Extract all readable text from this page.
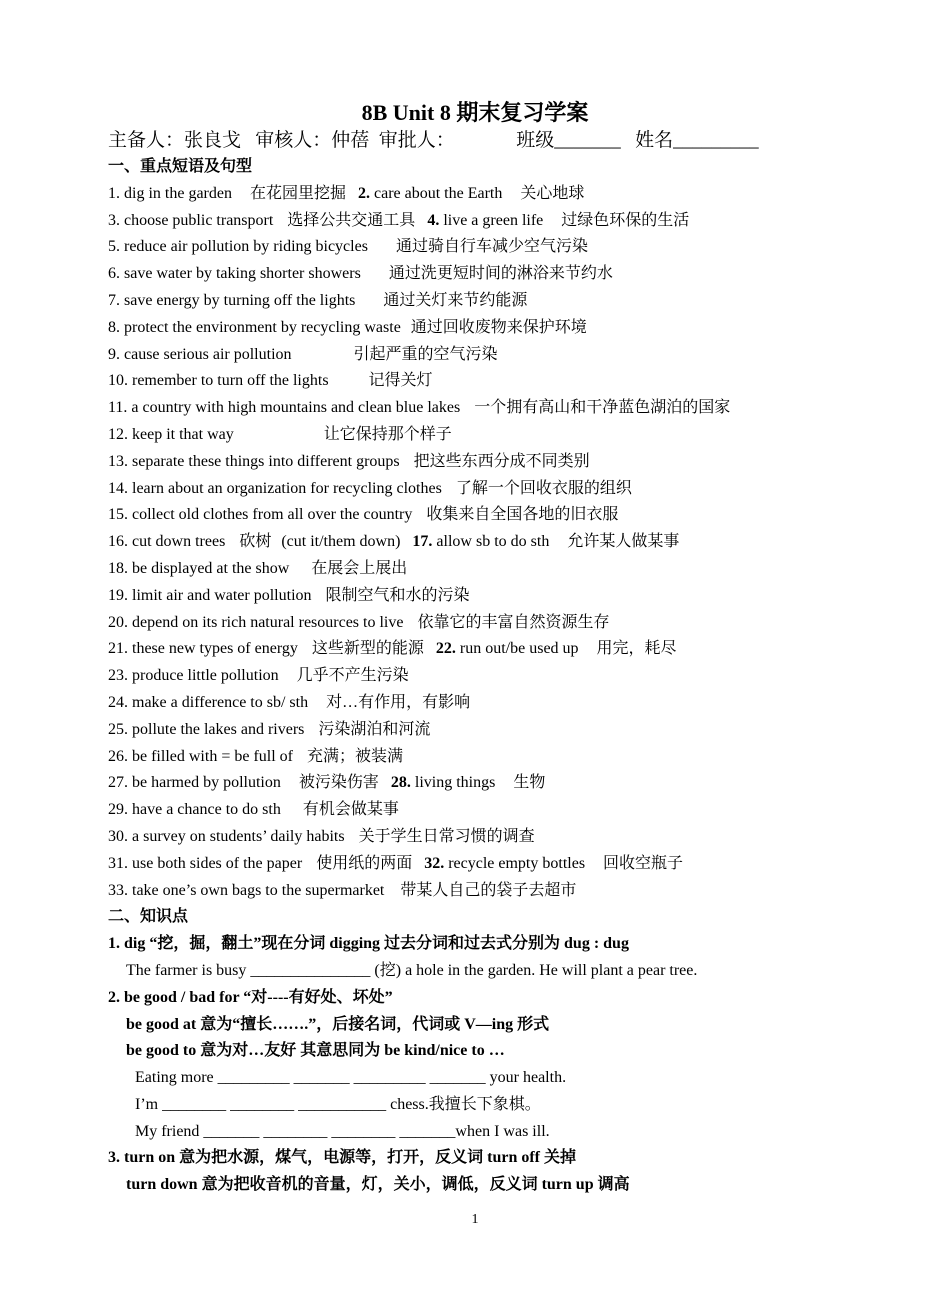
8B Unit 8 期末复习学案
主备人：张良戈 审核人：仲蓓 审批人：	班级_______ 姓名_________
一、重点短语及句型
1. dig in the garden 在花园里挖掘 2. care about the Earth 关心地球
3. choose public transport 选择公共交通工具 4. live a green life 过绿色环保的生活
5. reduce air pollution by riding bicycles 通过骑自行车减少空气污染
6. save water by taking shorter showers 通过洗更短时间的淋浴来节约水
7. save energy by turning off the lights 通过关灯来节约能源
8. protect the environment by recycling waste 通过回收废物来保护环境
9. cause serious air pollution	引起严重的空气污染
10. remember to turn off the lights	记得关灯
11. a country with high mountains and clean blue lakes 一个拥有高山和干净蓝色湖泊的国家
12. keep it that way	让它保持那个样子
13. separate these things into different groups 把这些东西分成不同类别
14. learn about an organization for recycling clothes 了解一个回收衣服的组织
15. collect old clothes from all over the country 收集来自全国各地的旧衣服
16. cut down trees 砍树 (cut it/them down) 17. allow sb to do sth 允许某人做某事
18. be displayed at the show 在展会上展出
19. limit air and water pollution 限制空气和水的污染
20. depend on its rich natural resources to live 依靠它的丰富自然资源生存
21. these new types of energy 这些新型的能源 22. run out/be used up 用完，耗尽
23. produce little pollution 几乎不产生污染
24. make a difference to sb/ sth 对…有作用，有影响
25. pollute the lakes and rivers 污染湖泊和河流
26. be filled with = be full of 充满；被装满
27. be harmed by pollution 被污染伤害 28. living things 生物
29. have a chance to do sth 有机会做某事
30. a survey on students’ daily habits 关于学生日常习惯的调查
31. use both sides of the paper 使用纸的两面 32. recycle empty bottles 回收空瓶子
33. take one’s own bags to the supermarket 带某人自己的袋子去超市
二、知识点
1. dig “挖，掘，翻土”现在分词 digging 过去分词和过去式分别为 dug : dug
The farmer is busy _______________ (挖) a hole in the garden. He will plant a pear tree.
2. be good / bad for “对----有好处、坏处”
be good at 意为“擅长…….”，后接名词，代词或 V—ing 形式
be good to 意为对…友好 其意思同为 be kind/nice to …
Eating more _________ _______ _________ _______ your health.
I’m ________ ________ ___________ chess.我擅长下象棋。
My friend _______ ________ ________ _______when I was ill.
3. turn on 意为把水源，煤气，电源等，打开，反义词 turn off 关掉
turn down 意为把收音机的音量，灯，关小，调低，反义词 turn up 调高
1
